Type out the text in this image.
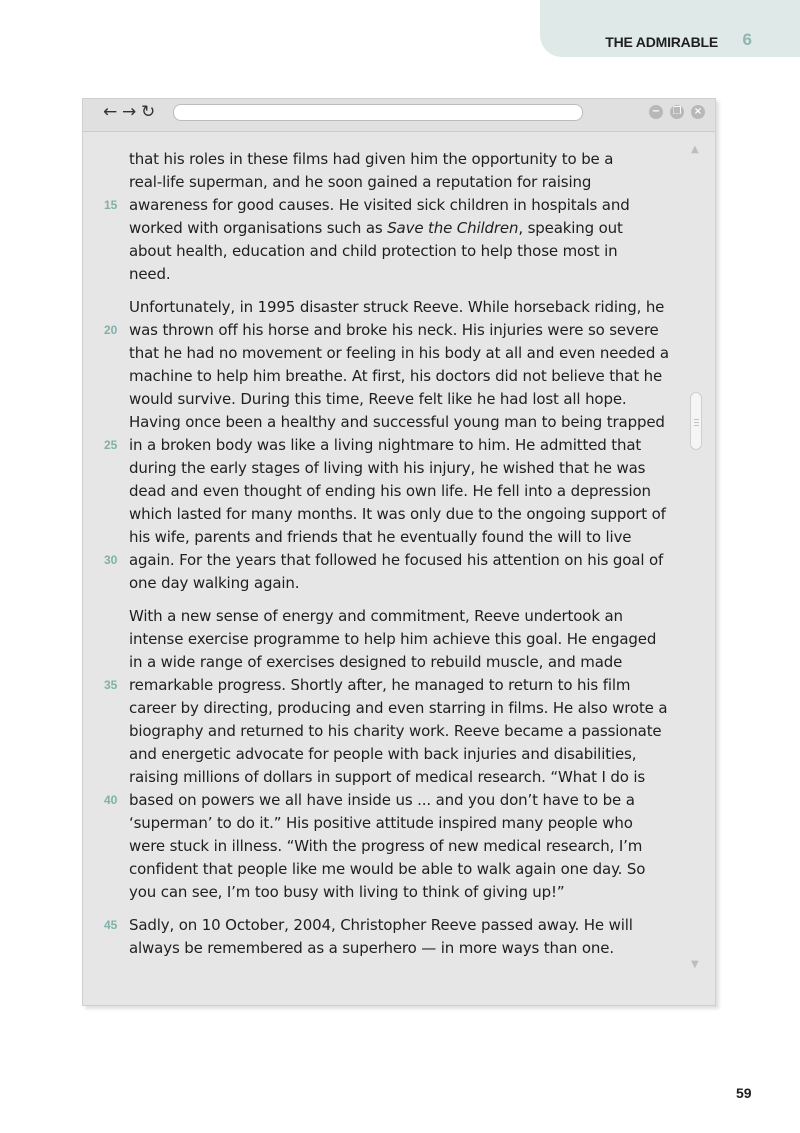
THE ADMIRABLE 6
← → ↻	− ❐ ×
▲
▼
that his roles in these films had given him the opportunity to be a
real-life superman, and he soon gained a reputation for raising
awareness for good causes. He visited sick children in hospitals and
15
worked with organisations such as Save the Children, speaking out
about health, education and child protection to help those most in
need.
Unfortunately, in 1995 disaster struck Reeve. While horseback riding, he
was thrown off his horse and broke his neck. His injuries were so severe
20
that he had no movement or feeling in his body at all and even needed a
machine to help him breathe. At first, his doctors did not believe that he
would survive. During this time, Reeve felt like he had lost all hope.
Having once been a healthy and successful young man to being trapped
in a broken body was like a living nightmare to him. He admitted that
25
during the early stages of living with his injury, he wished that he was
dead and even thought of ending his own life. He fell into a depression
which lasted for many months. It was only due to the ongoing support of
his wife, parents and friends that he eventually found the will to live
again. For the years that followed he focused his attention on his goal of
30
one day walking again.
With a new sense of energy and commitment, Reeve undertook an
intense exercise programme to help him achieve this goal. He engaged
in a wide range of exercises designed to rebuild muscle, and made
remarkable progress. Shortly after, he managed to return to his film
35
career by directing, producing and even starring in films. He also wrote a
biography and returned to his charity work. Reeve became a passionate
and energetic advocate for people with back injuries and disabilities,
raising millions of dollars in support of medical research. “What I do is
based on powers we all have inside us ... and you don’t have to be a
40
‘superman’ to do it.” His positive attitude inspired many people who
were stuck in illness. “With the progress of new medical research, I’m
confident that people like me would be able to walk again one day. So
you can see, I’m too busy with living to think of giving up!”
Sadly, on 10 October, 2004, Christopher Reeve passed away. He will
45
always be remembered as a superhero — in more ways than one.
59
